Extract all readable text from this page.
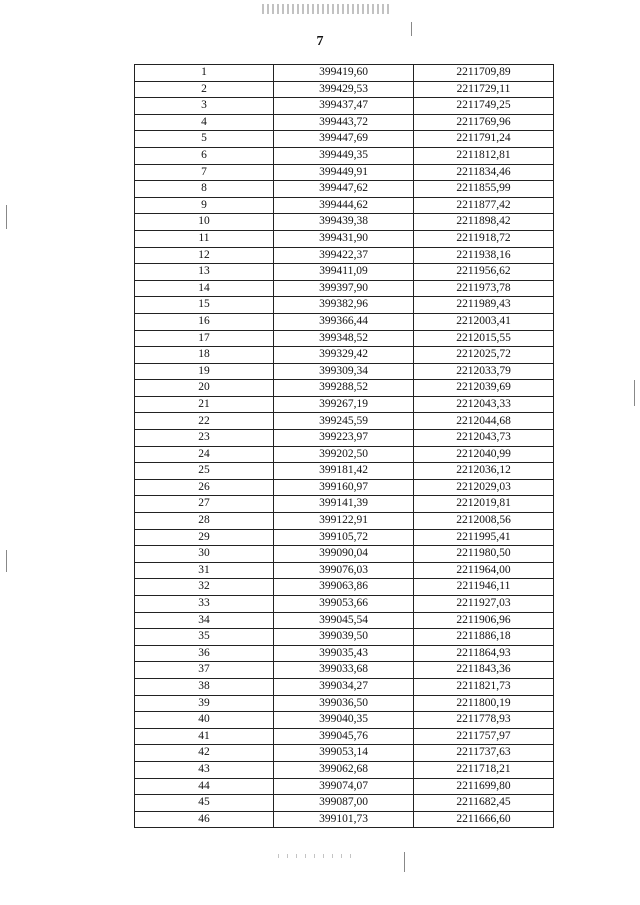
7
1	399419,60	2211709,89
2	399429,53	2211729,11
3	399437,47	2211749,25
4	399443,72	2211769,96
5	399447,69	2211791,24
6	399449,35	2211812,81
7	399449,91	2211834,46
8	399447,62	2211855,99
9	399444,62	2211877,42
10	399439,38	2211898,42
11	399431,90	2211918,72
12	399422,37	2211938,16
13	399411,09	2211956,62
14	399397,90	2211973,78
15	399382,96	2211989,43
16	399366,44	2212003,41
17	399348,52	2212015,55
18	399329,42	2212025,72
19	399309,34	2212033,79
20	399288,52	2212039,69
21	399267,19	2212043,33
22	399245,59	2212044,68
23	399223,97	2212043,73
24	399202,50	2212040,99
25	399181,42	2212036,12
26	399160,97	2212029,03
27	399141,39	2212019,81
28	399122,91	2212008,56
29	399105,72	2211995,41
30	399090,04	2211980,50
31	399076,03	2211964,00
32	399063,86	2211946,11
33	399053,66	2211927,03
34	399045,54	2211906,96
35	399039,50	2211886,18
36	399035,43	2211864,93
37	399033,68	2211843,36
38	399034,27	2211821,73
39	399036,50	2211800,19
40	399040,35	2211778,93
41	399045,76	2211757,97
42	399053,14	2211737,63
43	399062,68	2211718,21
44	399074,07	2211699,80
45	399087,00	2211682,45
46	399101,73	2211666,60
